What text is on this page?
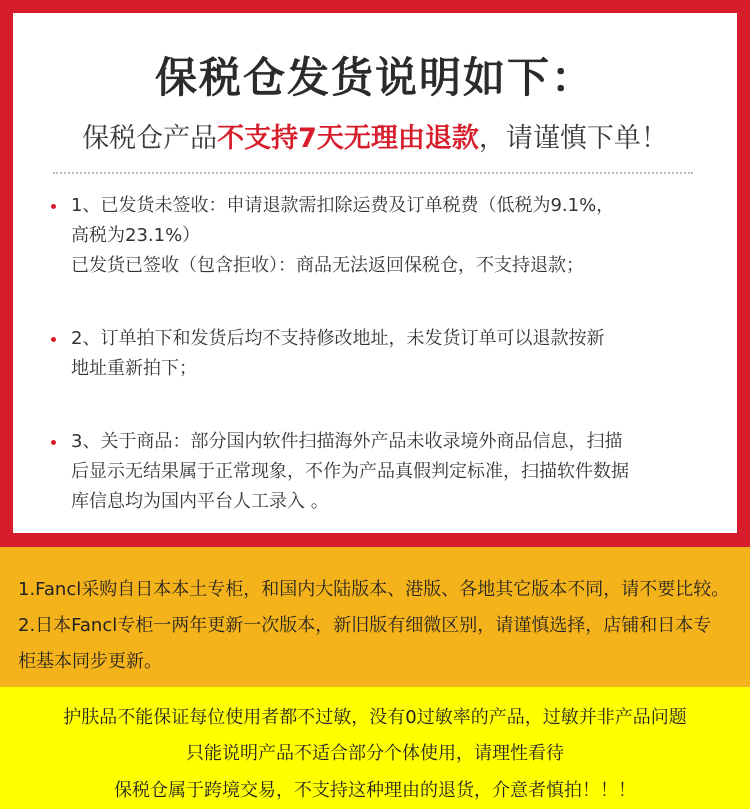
保税仓发货说明如下：
保税仓产品不支持7天无理由退款，请谨慎下单！
1、已发货未签收：申请退款需扣除运费及订单税费（低税为9.1%，
高税为23.1%）
已发货已签收（包含拒收）：商品无法返回保税仓，不支持退款；
2、订单拍下和发货后均不支持修改地址，未发货订单可以退款按新
地址重新拍下；
3、关于商品：部分国内软件扫描海外产品未收录境外商品信息，扫描
后显示无结果属于正常现象，不作为产品真假判定标准，扫描软件数据
库信息均为国内平台人工录入 。
1.Fancl采购自日本本土专柜，和国内大陆版本、港版、各地其它版本不同，请不要比较。
2.日本Fancl专柜一两年更新一次版本，新旧版有细微区别，请谨慎选择，店铺和日本专
柜基本同步更新。
护肤品不能保证每位使用者都不过敏，没有0过敏率的产品，过敏并非产品问题
只能说明产品不适合部分个体使用，请理性看待
保税仓属于跨境交易，不支持这种理由的退货，介意者慎拍！！！
